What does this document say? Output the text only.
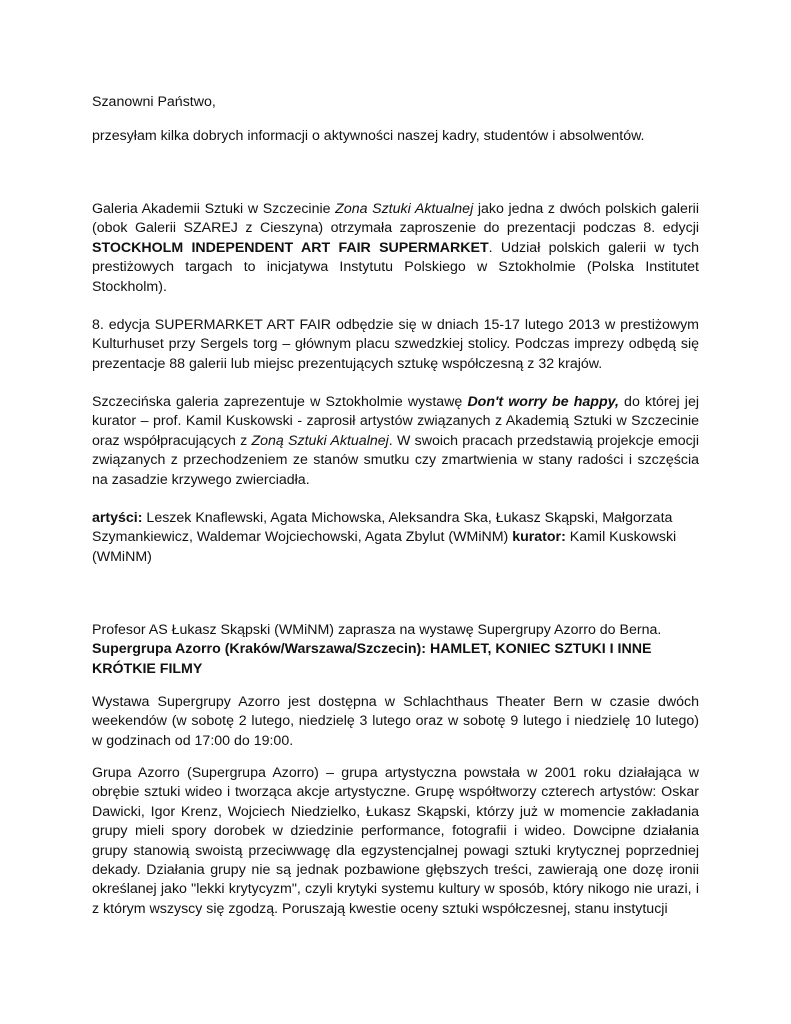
Szanowni Państwo,

przesyłam kilka dobrych informacji o aktywności naszej kadry, studentów i absolwentów.

Galeria Akademii Sztuki w Szczecinie Zona Sztuki Aktualnej jako jedna z dwóch polskich galerii (obok Galerii SZAREJ z Cieszyna) otrzymała zaproszenie do prezentacji podczas 8. edycji STOCKHOLM INDEPENDENT ART FAIR SUPERMARKET. Udział polskich galerii w tych prestiżowych targach to inicjatywa Instytutu Polskiego w Sztokholmie (Polska Institutet Stockholm).

8. edycja SUPERMARKET ART FAIR odbędzie się w dniach 15-17 lutego 2013 w prestiżowym Kulturhuset przy Sergels torg – głównym placu szwedzkiej stolicy. Podczas imprezy odbędą się prezentacje 88 galerii lub miejsc prezentujących sztukę współczesną z 32 krajów.

Szczecińska galeria zaprezentuje w Sztokholmie wystawę Don't worry be happy, do której jej kurator – prof. Kamil Kuskowski - zaprosił artystów związanych z Akademią Sztuki w Szczecinie oraz współpracujących z Zoną Sztuki Aktualnej. W swoich pracach przedstawią projekcje emocji związanych z przechodzeniem ze stanów smutku czy zmartwienia w stany radości i szczęścia na zasadzie krzywego zwierciadła.

artyści: Leszek Knaflewski, Agata Michowska, Aleksandra Ska, Łukasz Skąpski, Małgorzata Szymankiewicz, Waldemar Wojciechowski, Agata Zbylut (WMiNM) kurator: Kamil Kuskowski (WMiNM)

Profesor AS Łukasz Skąpski (WMiNM) zaprasza na wystawę Supergrupy Azorro do Berna. Supergrupa Azorro (Kraków/Warszawa/Szczecin): HAMLET, KONIEC SZTUKI I INNE KRÓTKIE FILMY

Wystawa Supergrupy Azorro jest dostępna w Schlachthaus Theater Bern w czasie dwóch weekendów (w sobotę 2 lutego, niedzielę 3 lutego oraz w sobotę 9 lutego i niedzielę 10 lutego) w godzinach od 17:00 do 19:00.

Grupa Azorro (Supergrupa Azorro) – grupa artystyczna powstała w 2001 roku działająca w obrębie sztuki wideo i tworząca akcje artystyczne. Grupę współtworzy czterech artystów: Oskar Dawicki, Igor Krenz, Wojciech Niedzielko, Łukasz Skąpski, którzy już w momencie zakładania grupy mieli spory dorobek w dziedzinie performance, fotografii i wideo. Dowcipne działania grupy stanowią swoistą przeciwwagę dla egzystencjalnej powagi sztuki krytycznej poprzedniej dekady. Działania grupy nie są jednak pozbawione głębszych treści, zawierają one dozę ironii określanej jako "lekki krytycyzm", czyli krytyki systemu kultury w sposób, który nikogo nie urazi, i z którym wszyscy się zgodzą. Poruszają kwestie oceny sztuki współczesnej, stanu instytucji
